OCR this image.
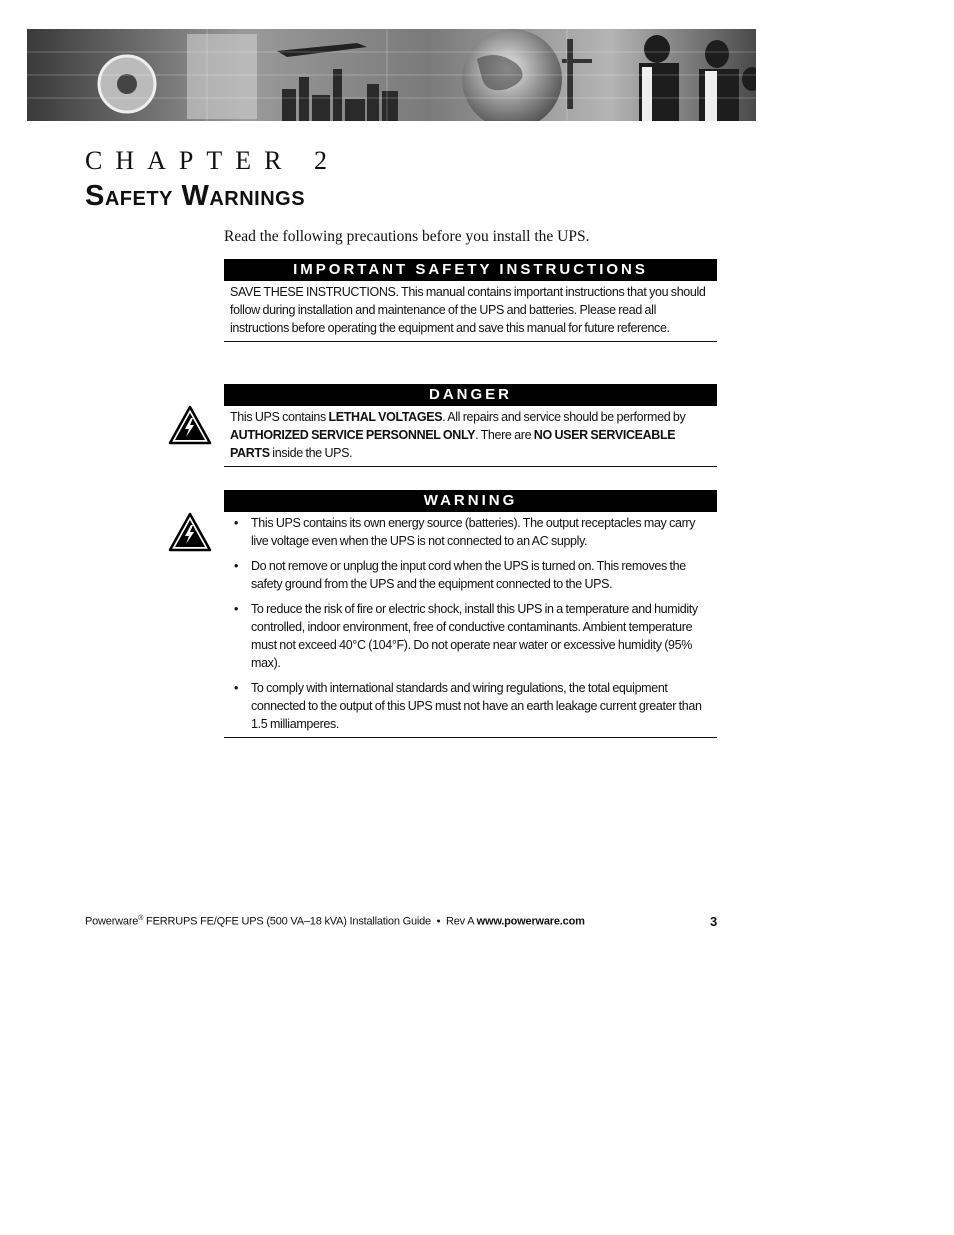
CHAPTER 2
Safety Warnings
Read the following precautions before you install the UPS.
IMPORTANT SAFETY INSTRUCTIONS
SAVE THESE INSTRUCTIONS. This manual contains important instructions that you should follow during installation and maintenance of the UPS and batteries. Please read all instructions before operating the equipment and save this manual for future reference.
DANGER
This UPS contains LETHAL VOLTAGES. All repairs and service should be performed by AUTHORIZED SERVICE PERSONNEL ONLY. There are NO USER SERVICEABLE PARTS inside the UPS.
WARNING
• This UPS contains its own energy source (batteries). The output receptacles may carry live voltage even when the UPS is not connected to an AC supply.
• Do not remove or unplug the input cord when the UPS is turned on. This removes the safety ground from the UPS and the equipment connected to the UPS.
• To reduce the risk of fire or electric shock, install this UPS in a temperature and humidity controlled, indoor environment, free of conductive contaminants. Ambient temperature must not exceed 40°C (104°F). Do not operate near water or excessive humidity (95% max).
• To comply with international standards and wiring regulations, the total equipment connected to the output of this UPS must not have an earth leakage current greater than 1.5 milliamperes.
Powerware® FERRUPS FE/QFE UPS (500 VA–18 kVA) Installation Guide  •  Rev A www.powerware.com	3
